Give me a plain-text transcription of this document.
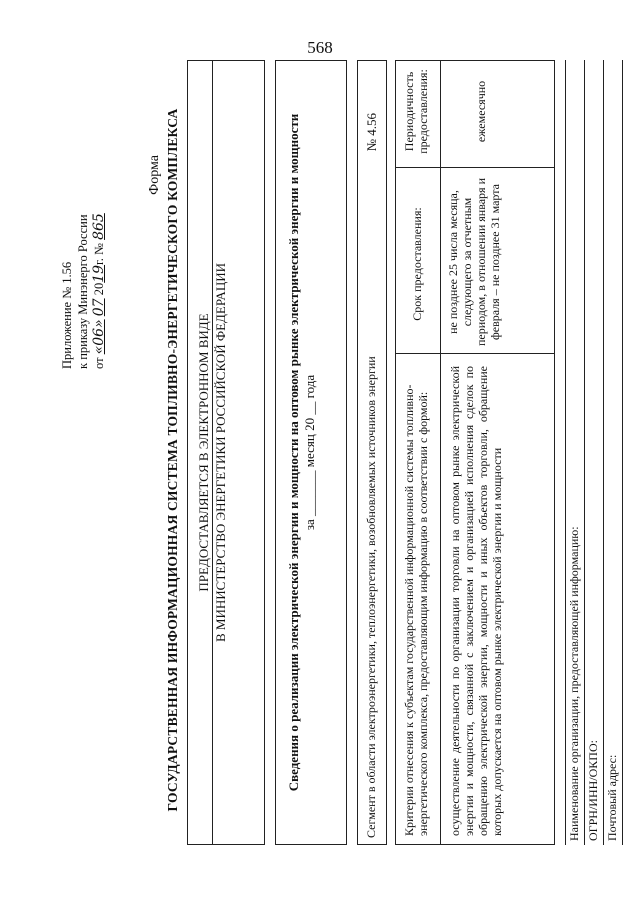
568
Приложение № 1.56 к приказу Минэнерго России от «06» 07 2019г. № 865
Форма ГОСУДАРСТВЕННАЯ ИНФОРМАЦИОННАЯ СИСТЕМА ТОПЛИВНО-ЭНЕРГЕТИЧЕСКОГО КОМПЛЕКСА ПРЕДОСТАВЛЯЕТСЯ В ЭЛЕКТРОННОМ ВИДЕ В МИНИСТЕРСТВО ЭНЕРГЕТИКИ РОССИЙСКОЙ ФЕДЕРАЦИИ	Сведения о реализации электрической энергии и мощности на оптовом рынке электрической энергии и мощности за _______ месяц 20 __ года	Сегмент в области электроэнергетики, теплоэнергетики, возобновляемых источников энергии
№ 4.56
Критерии отнесения к субъектам государственной информационной системы топливно-энергетического комплекса, предоставляющим информацию в соответствии с формой:
Срок предоставления:
Периодичность предоставления:
осуществление деятельности по организации торговли на оптовом рынке электрической энергии и мощности, связанной с заключением и организацией исполнения сделок по обращению электрической энергии, мощности и иных объектов торговли, обращение которых допускается на оптовом рынке электрической энергии и мощности
не позднее 25 числа месяца, следующего за отчетным периодом, в отношении января и февраля – не позднее 31 марта
ежемесячно
Наименование организации, предоставляющей информацию: ОГРН/ИНН/ОКПО: Почтовый адрес:
